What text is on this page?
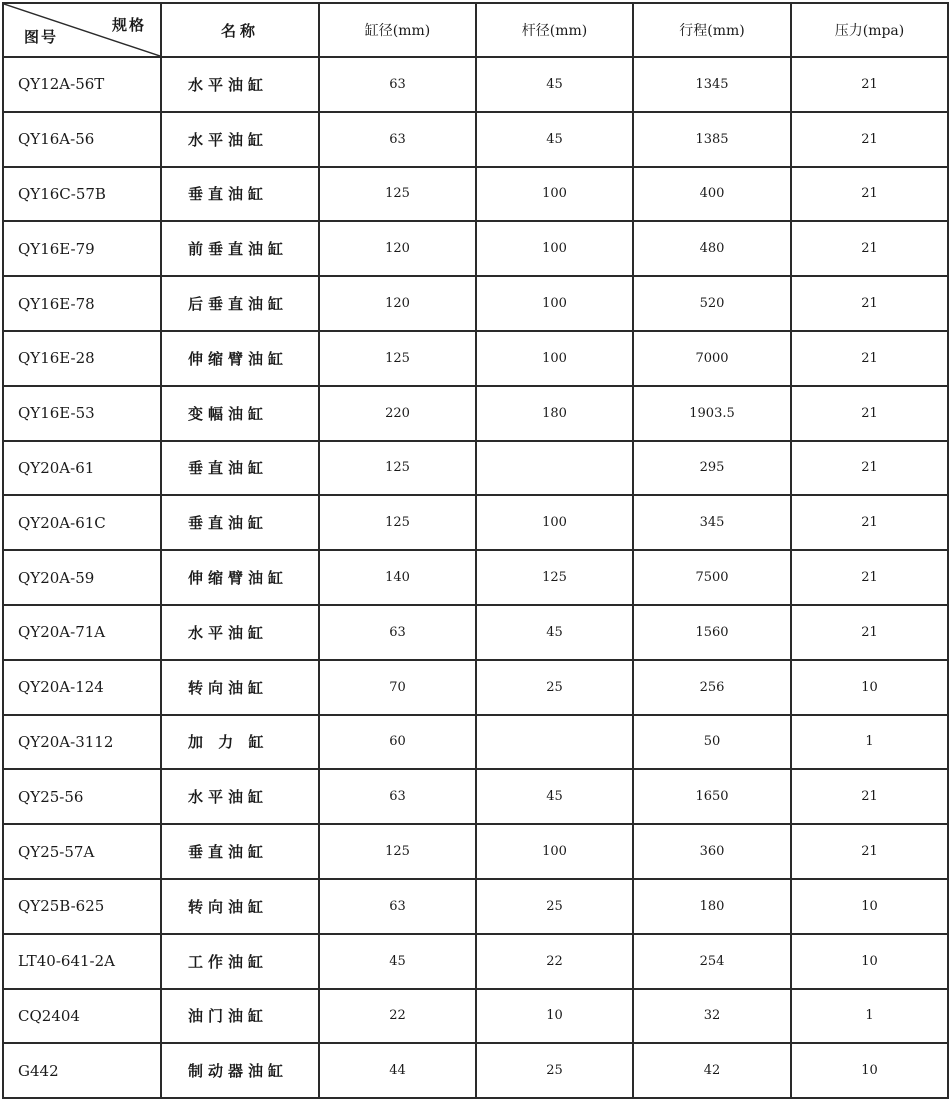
规格
图号	名称	缸径(mm)	杆径(mm)	行程(mm)	压力(mpa)
QY12A-56T	水平油缸	63	45	1345	21
QY16A-56	水平油缸	63	45	1385	21
QY16C-57B	垂直油缸	125	100	400	21
QY16E-79	前垂直油缸	120	100	480	21
QY16E-78	后垂直油缸	120	100	520	21
QY16E-28	伸缩臂油缸	125	100	7000	21
QY16E-53	变幅油缸	220	180	1903.5	21
QY20A-61	垂直油缸	125		295	21
QY20A-61C	垂直油缸	125	100	345	21
QY20A-59	伸缩臂油缸	140	125	7500	21
QY20A-71A	水平油缸	63	45	1560	21
QY20A-124	转向油缸	70	25	256	10
QY20A-3112	加 力 缸	60		50	1
QY25-56	水平油缸	63	45	1650	21
QY25-57A	垂直油缸	125	100	360	21
QY25B-625	转向油缸	63	25	180	10
LT40-641-2A	工作油缸	45	22	254	10
CQ2404	油门油缸	22	10	32	1
G442	制动器油缸	44	25	42	10
